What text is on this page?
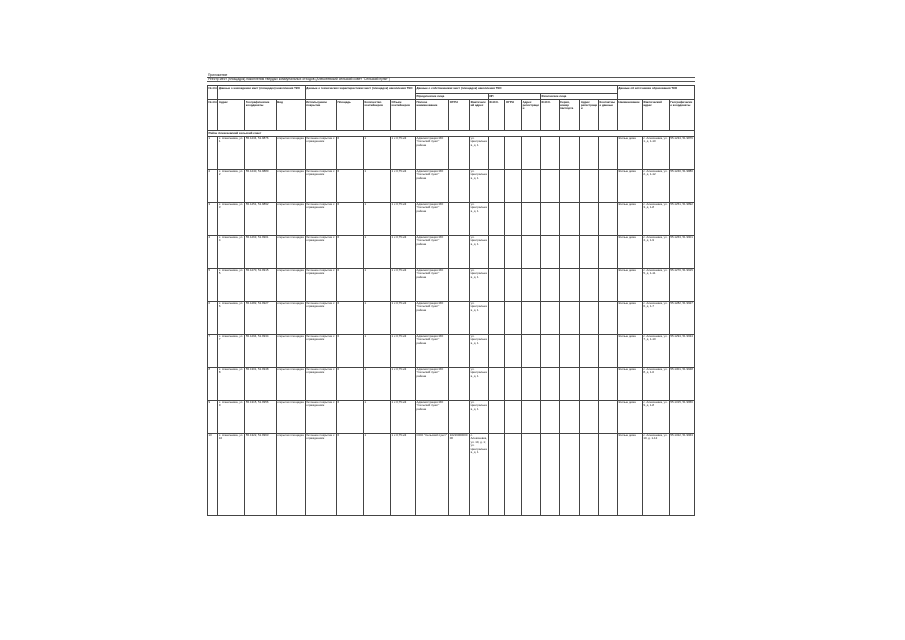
Приложение
Реестр мест (площадок) накопления твердых коммунальных отходов (Алексеевский сельский совет "Сельский пункт")
№ п/п	Данные о нахождении мест (площадок) накопления ТКО			Данные о технических характеристиках мест (площадок) накопления ТКО				Данные о собственниках мест (площадок) накопления ТКО										Данные об источниках образования ТКО		
								Юридические лица			ИП			Физические лица						
№ п/п	Адрес	Географические координаты	Вид	Используемое покрытие	Площадь	Количество контейнеров	Объем контейнеров	Полное наименование	ОГРН	Фактический адрес	Ф.И.О.	ОГРН	Адрес регистрации	Ф.И.О.	Серия, номер паспорта	Адрес регистрации	Контактные данные	Наименование	Фактический адрес	Географические координаты
Район Алексеевский сельский совет																				
1	с. Алексеевка, ул. 1	55.1234, 51.9876	открытая площадка	бетонное покрытие с ограждением	6	1	1 х 0,75 м3	Администрация МО "Сельский пункт" района		ул. Центральная, д. 1								Жилые дома	с. Алексеевка, ул. 1, д. 1-10	55.1234, 51.9876
2	с. Алексеевка, ул. 2	55.1240, 51.9880	открытая площадка	бетонное покрытие с ограждением	6	1	1 х 0,75 м3	Администрация МО "Сельский пункт" района		ул. Центральная, д. 1								Жилые дома	с. Алексеевка, ул. 2, д. 1-12	55.1240, 51.9880
3	с. Алексеевка, ул. 3	55.1251, 51.9892	открытая площадка	бетонное покрытие с ограждением	6	1	1 х 0,75 м3	Администрация МО "Сельский пункт" района		ул. Центральная, д. 1								Жилые дома	с. Алексеевка, ул. 3, д. 1-8	55.1251, 51.9892
4	с. Алексеевка, ул. 4	55.1263, 51.9901	открытая площадка	бетонное покрытие с ограждением	6	1	1 х 0,75 м3	Администрация МО "Сельский пункт" района		ул. Центральная, д. 1								Жилые дома	с. Алексеевка, ул. 4, д. 1-9	55.1263, 51.9901
5	с. Алексеевка, ул. 5	55.1270, 51.9915	открытая площадка	бетонное покрытие с ограждением	6	1	1 х 0,75 м3	Администрация МО "Сельский пункт" района		ул. Центральная, д. 1								Жилые дома	с. Алексеевка, ул. 5, д. 1-11	55.1270, 51.9915
6	с. Алексеевка, ул. 6	55.1282, 51.9927	открытая площадка	бетонное покрытие с ограждением	6	1	1 х 0,75 м3	Администрация МО "Сельский пункт" района		ул. Центральная, д. 1								Жилые дома	с. Алексеевка, ул. 6, д. 1-7	55.1282, 51.9927
7	с. Алексеевка, ул. 7	55.1294, 51.9934	открытая площадка	бетонное покрытие с ограждением	6	1	1 х 0,75 м3	Администрация МО "Сельский пункт" района		ул. Центральная, д. 1								Жилые дома	с. Алексеевка, ул. 7, д. 1-10	55.1294, 51.9934
8	с. Алексеевка, ул. 8	55.1301, 51.9948	открытая площадка	бетонное покрытие с ограждением	6	1	1 х 0,75 м3	Администрация МО "Сельский пункт" района		ул. Центральная, д. 1								Жилые дома	с. Алексеевка, ул. 8, д. 1-6	55.1301, 51.9948
9	с. Алексеевка, ул. 9	55.1315, 51.9956	открытая площадка	бетонное покрытие с ограждением	6	1	1 х 0,75 м3	Администрация МО "Сельский пункт" района		ул. Центральная, д. 1								Жилые дома	с. Алексеевка, ул. 9, д. 1-8	55.1315, 51.9956
10	с. Алексеевка, ул. 10	55.1322, 51.9963	открытая площадка	бетонное покрытие с ограждением	6	1	1 х 0,75 м3	ООО "Сельский пункт"	1021600000000	с. Алексеевка, ул. 10, д. 1; ул. Центральная, д. 1								Жилые дома	с. Алексеевка, ул. 10, д. 1-12	55.1322, 51.9963
